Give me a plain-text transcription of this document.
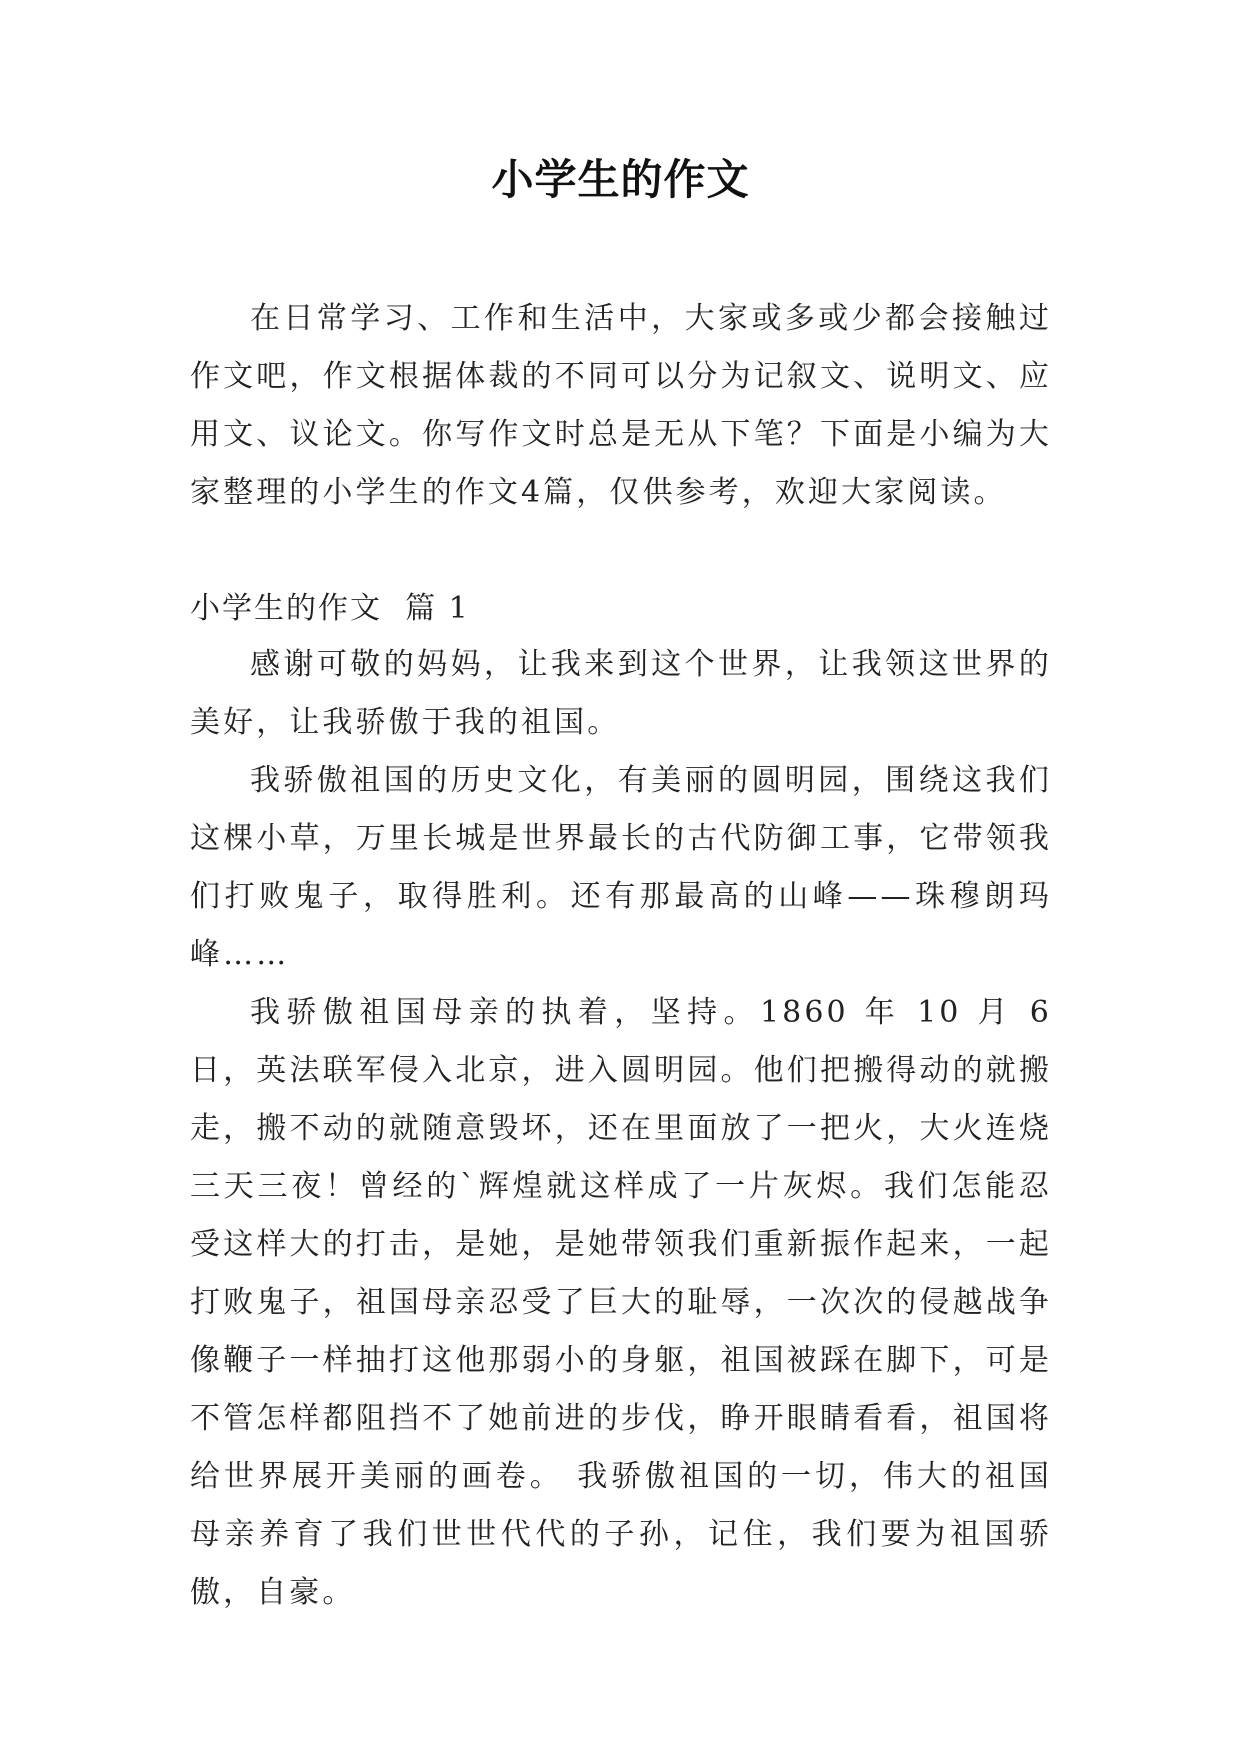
小学生的作文

在日常学习、工作和生活中，大家或多或少都会接触过作文吧，作文根据体裁的不同可以分为记叙文、说明文、应用文、议论文。你写作文时总是无从下笔？下面是小编为大家整理的小学生的作文4篇，仅供参考，欢迎大家阅读。

小学生的作文  篇 1

感谢可敬的妈妈，让我来到这个世界，让我领这世界的美好，让我骄傲于我的祖国。

我骄傲祖国的历史文化，有美丽的圆明园，围绕这我们这棵小草，万里长城是世界最长的古代防御工事，它带领我们打败鬼子，取得胜利。还有那最高的山峰——珠穆朗玛峰……

我骄傲祖国母亲的执着，坚持。1860 年 10 月 6 日，英法联军侵入北京，进入圆明园。他们把搬得动的就搬走，搬不动的就随意毁坏，还在里面放了一把火，大火连烧三天三夜！曾经的`辉煌就这样成了一片灰烬。我们怎能忍受这样大的打击，是她，是她带领我们重新振作起来，一起打败鬼子，祖国母亲忍受了巨大的耻辱，一次次的侵越战争像鞭子一样抽打这他那弱小的身躯，祖国被踩在脚下，可是不管怎样都阻挡不了她前进的步伐，睁开眼睛看看，祖国将给世界展开美丽的画卷。 我骄傲祖国的一切，伟大的祖国母亲养育了我们世世代代的子孙，记住，我们要为祖国骄傲，自豪。
